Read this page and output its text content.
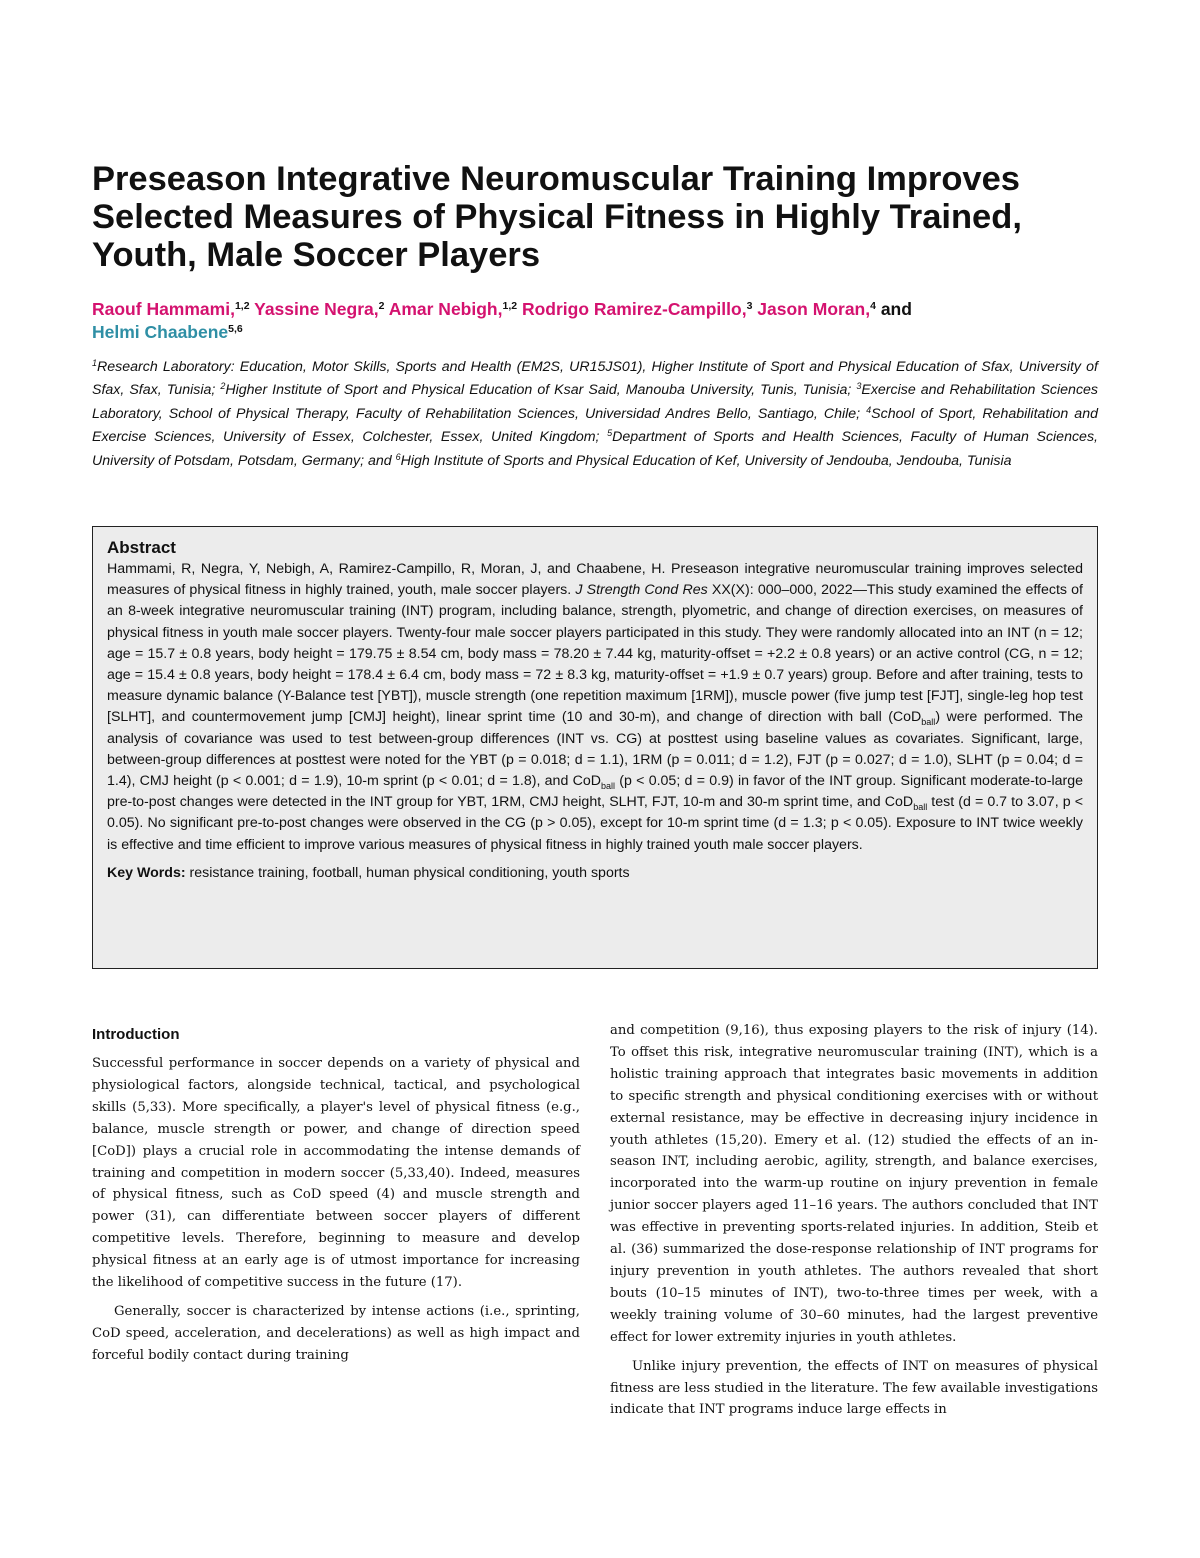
Preseason Integrative Neuromuscular Training Improves Selected Measures of Physical Fitness in Highly Trained, Youth, Male Soccer Players
Raouf Hammami,$^{1,2}$ Yassine Negra,$^2$ Amar Nebigh,$^{1,2}$ Rodrigo Ramirez-Campillo,$^3$ Jason Moran,$^4$ and
Helmi Chaabene$^{5,6}$
$^1$Research Laboratory: Education, Motor Skills, Sports and Health (EM2S, UR15JS01), Higher Institute of Sport and Physical Education of Sfax, University of Sfax, Sfax, Tunisia; $^2$Higher Institute of Sport and Physical Education of Ksar Said, Manouba University, Tunis, Tunisia; $^3$Exercise and Rehabilitation Sciences Laboratory, School of Physical Therapy, Faculty of Rehabilitation Sciences, Universidad Andres Bello, Santiago, Chile; $^4$School of Sport, Rehabilitation and Exercise Sciences, University of Essex, Colchester, Essex, United Kingdom; $^5$Department of Sports and Health Sciences, Faculty of Human Sciences, University of Potsdam, Potsdam, Germany; and $^6$High Institute of Sports and Physical Education of Kef, University of Jendouba, Jendouba, Tunisia

Abstract

Hammami, R, Negra, Y, Nebigh, A, Ramirez-Campillo, R, Moran, J, and Chaabene, H. Preseason integrative neuromuscular training improves selected measures of physical fitness in highly trained, youth, male soccer players. J Strength Cond Res XX(X): 000–000, 2022—This study examined the effects of an 8-week integrative neuromuscular training (INT) program, including balance, strength, plyometric, and change of direction exercises, on measures of physical fitness in youth male soccer players. Twenty-four male soccer players participated in this study. They were randomly allocated into an INT (n = 12; age = 15.7 ± 0.8 years, body height = 179.75 ± 8.54 cm, body mass = 78.20 ± 7.44 kg, maturity-offset = +2.2 ± 0.8 years) or an active control (CG, n = 12; age = 15.4 ± 0.8 years, body height = 178.4 ± 6.4 cm, body mass = 72 ± 8.3 kg, maturity-offset = +1.9 ± 0.7 years) group. Before and after training, tests to measure dynamic balance (Y-Balance test [YBT]), muscle strength (one repetition maximum [1RM]), muscle power (five jump test [FJT], single-leg hop test [SLHT], and countermovement jump [CMJ] height), linear sprint time (10 and 30-m), and change of direction with ball (CoD$_{ball}$) were performed. The analysis of covariance was used to test between-group differences (INT vs. CG) at posttest using baseline values as covariates. Significant, large, between-group differences at posttest were noted for the YBT (p = 0.018; d = 1.1), 1RM (p = 0.011; d = 1.2), FJT (p = 0.027; d = 1.0), SLHT (p = 0.04; d = 1.4), CMJ height (p < 0.001; d = 1.9), 10-m sprint (p < 0.01; d = 1.8), and CoD$_{ball}$ (p < 0.05; d = 0.9) in favor of the INT group. Significant moderate-to-large pre-to-post changes were detected in the INT group for YBT, 1RM, CMJ height, SLHT, FJT, 10-m and 30-m sprint time, and CoD$_{ball}$ test (d = 0.7 to 3.07, p < 0.05). No significant pre-to-post changes were observed in the CG (p > 0.05), except for 10-m sprint time (d = 1.3; p < 0.05). Exposure to INT twice weekly is effective and time efficient to improve various measures of physical fitness in highly trained youth male soccer players.

Key Words: resistance training, football, human physical conditioning, youth sports

Introduction

Successful performance in soccer depends on a variety of physical and physiological factors, alongside technical, tactical, and psychological skills (5,33). More specifically, a player's level of physical fitness (e.g., balance, muscle strength or power, and change of direction speed [CoD]) plays a crucial role in accommodating the intense demands of training and competition in modern soccer (5,33,40). Indeed, measures of physical fitness, such as CoD speed (4) and muscle strength and power (31), can differentiate between soccer players of different competitive levels. Therefore, beginning to measure and develop physical fitness at an early age is of utmost importance for increasing the likelihood of competitive success in the future (17).

Generally, soccer is characterized by intense actions (i.e., sprinting, CoD speed, acceleration, and decelerations) as well as high impact and forceful bodily contact during training

and competition (9,16), thus exposing players to the risk of injury (14). To offset this risk, integrative neuromuscular training (INT), which is a holistic training approach that integrates basic movements in addition to specific strength and physical conditioning exercises with or without external resistance, may be effective in decreasing injury incidence in youth athletes (15,20). Emery et al. (12) studied the effects of an in-season INT, including aerobic, agility, strength, and balance exercises, incorporated into the warm-up routine on injury prevention in female junior soccer players aged 11–16 years. The authors concluded that INT was effective in preventing sports-related injuries. In addition, Steib et al. (36) summarized the dose-response relationship of INT programs for injury prevention in youth athletes. The authors revealed that short bouts (10–15 minutes of INT), two-to-three times per week, with a weekly training volume of 30–60 minutes, had the largest preventive effect for lower extremity injuries in youth athletes.

Unlike injury prevention, the effects of INT on measures of physical fitness are less studied in the literature. The few available investigations indicate that INT programs induce large effects in
